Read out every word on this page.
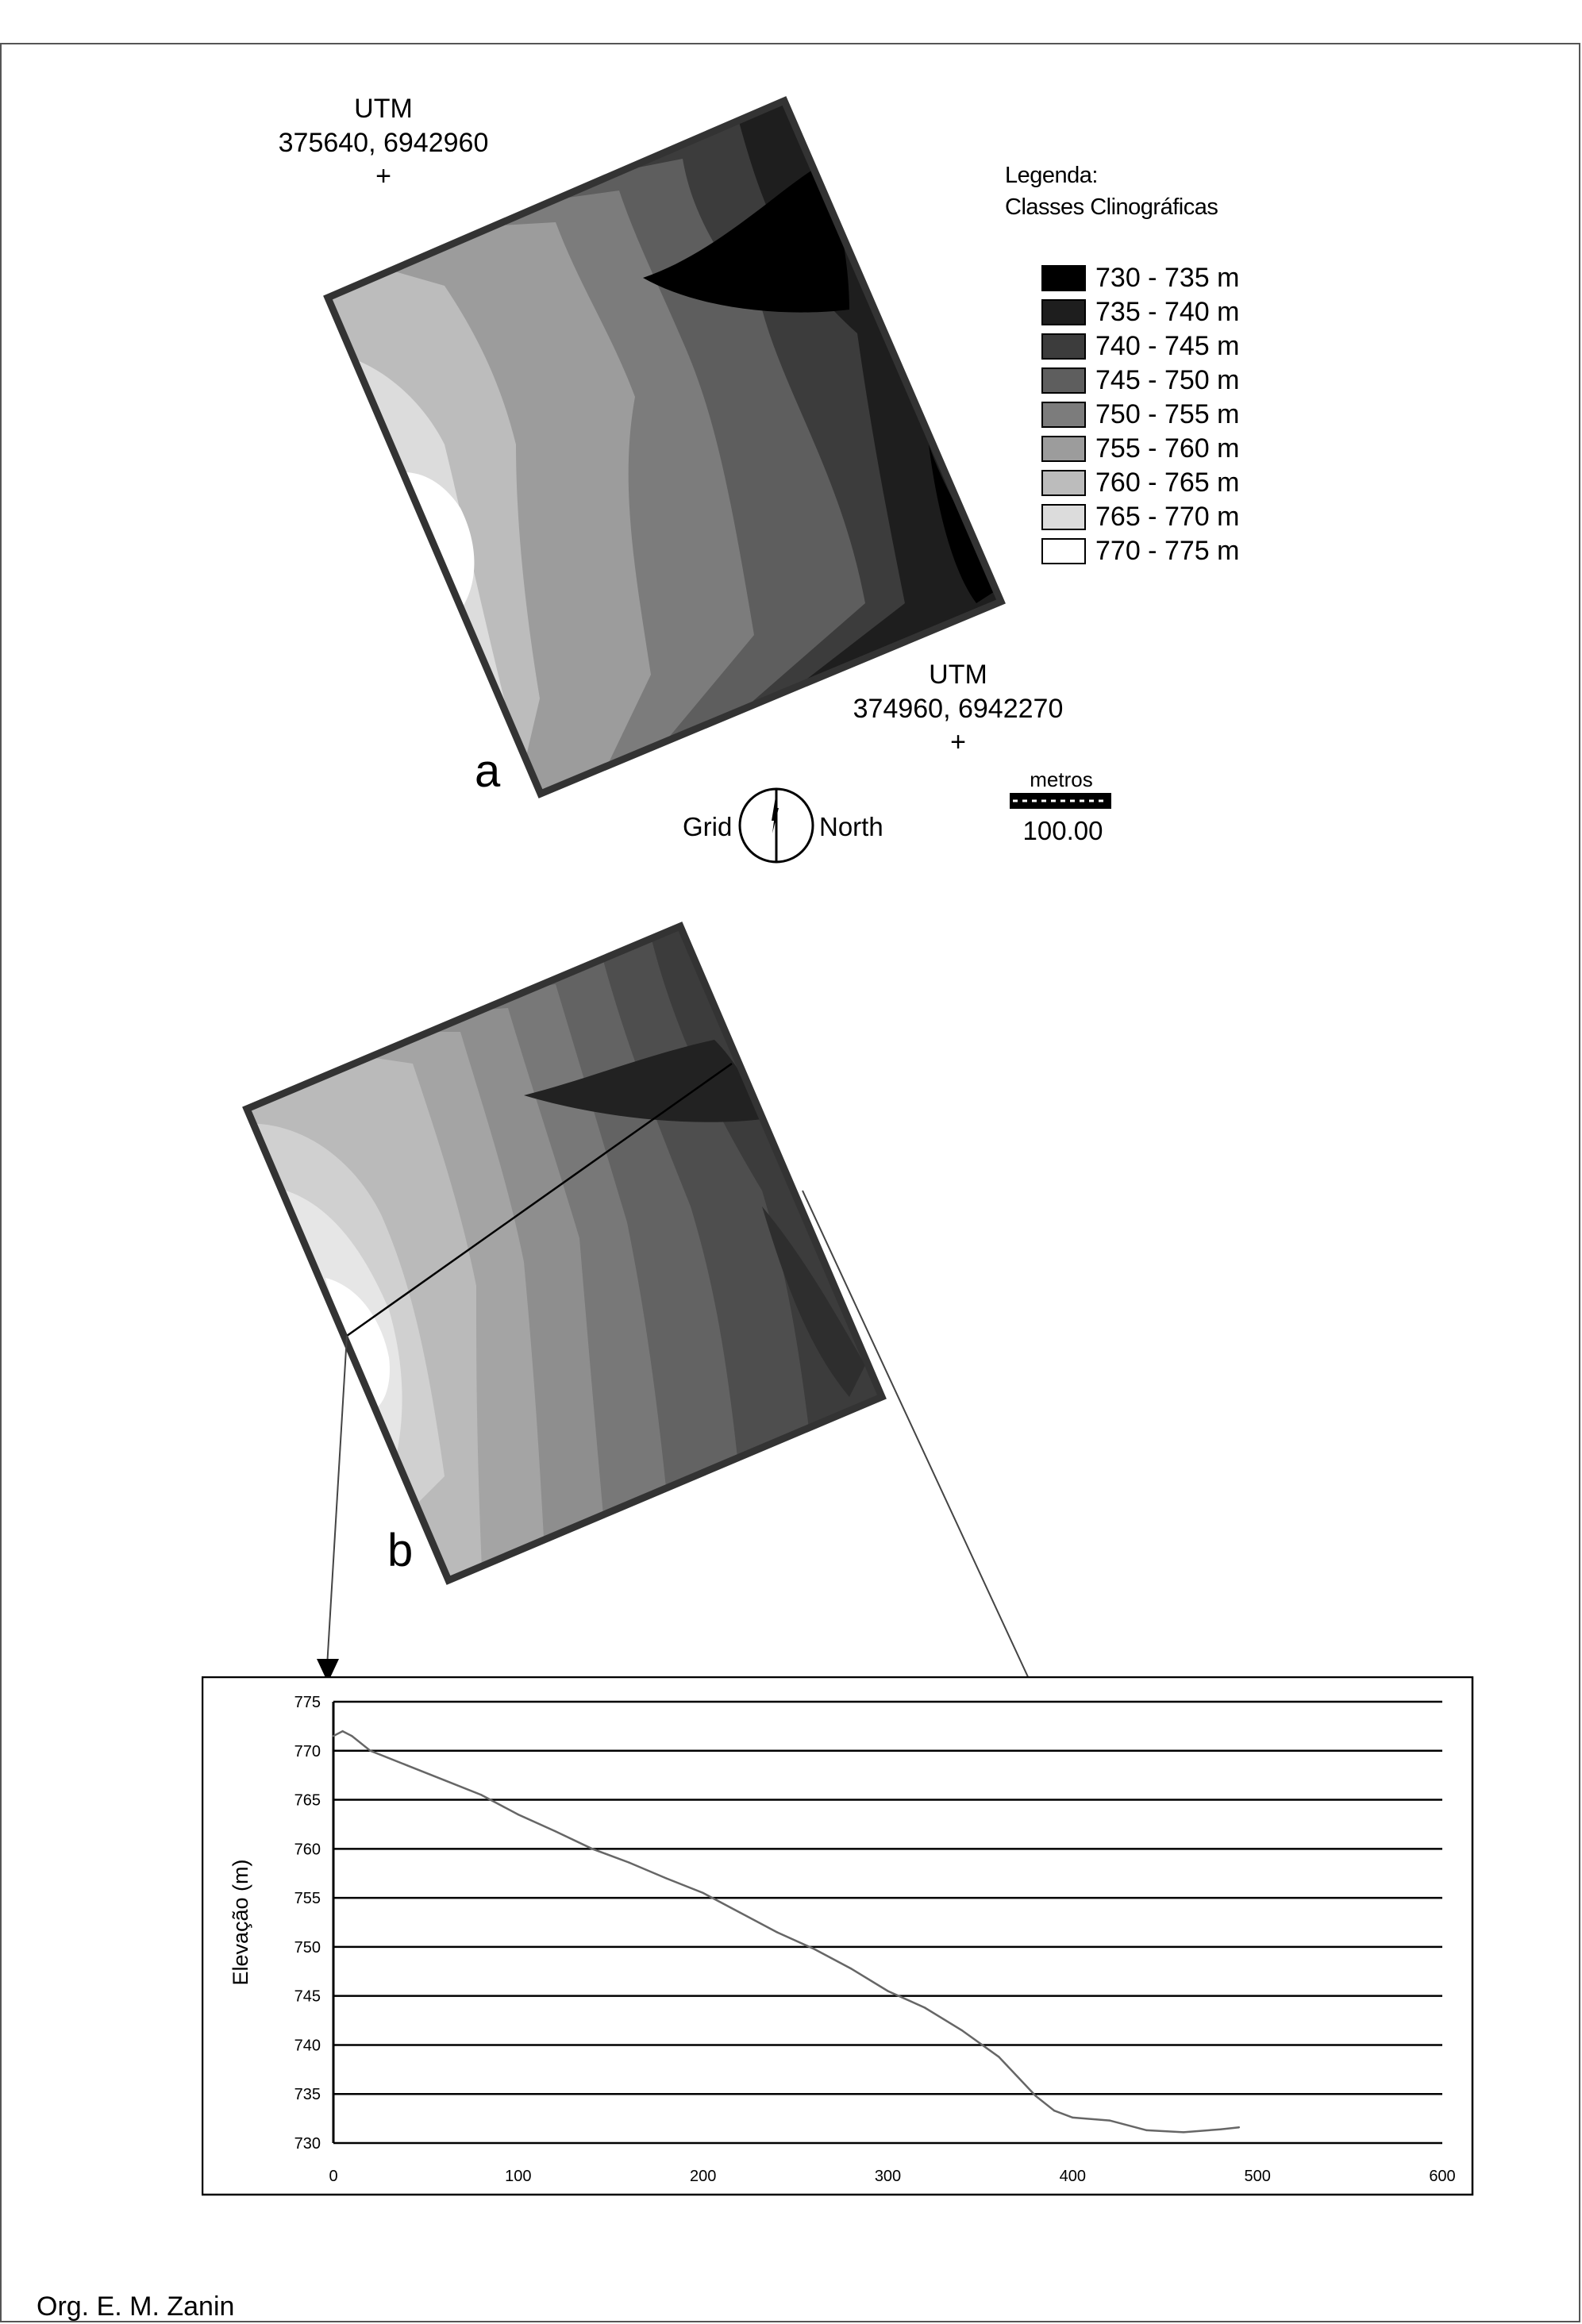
UTM
375640, 6942960
+
UTM
374960, 6942270
+
a
Legenda:
Classes Clinográficas
730 - 735 m
735 - 740 m
740 - 745 m
745 - 750 m
750 - 755 m
755 - 760 m
760 - 765 m
765 - 770 m
770 - 775 m
Grid	North
metros
100.00
b
775
770
765
760
755
750
745
740
735
730
0	100	200	300	400	500	600
Elevação (m)
Org. E. M. Zanin
